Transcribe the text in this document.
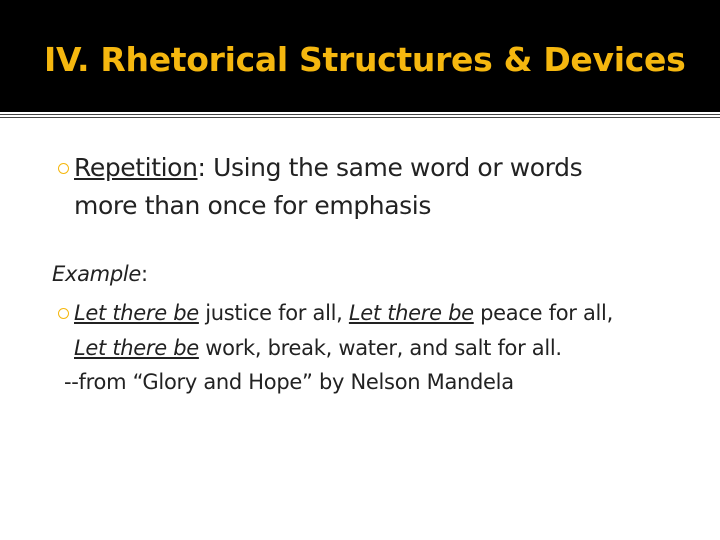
IV. Rhetorical Structures & Devices
Repetition: Using the same word or words
more than once for emphasis
Example:
Let there be justice for all, Let there be peace for all,
Let there be work, break, water, and salt for all.
--from “Glory and Hope” by Nelson Mandela
